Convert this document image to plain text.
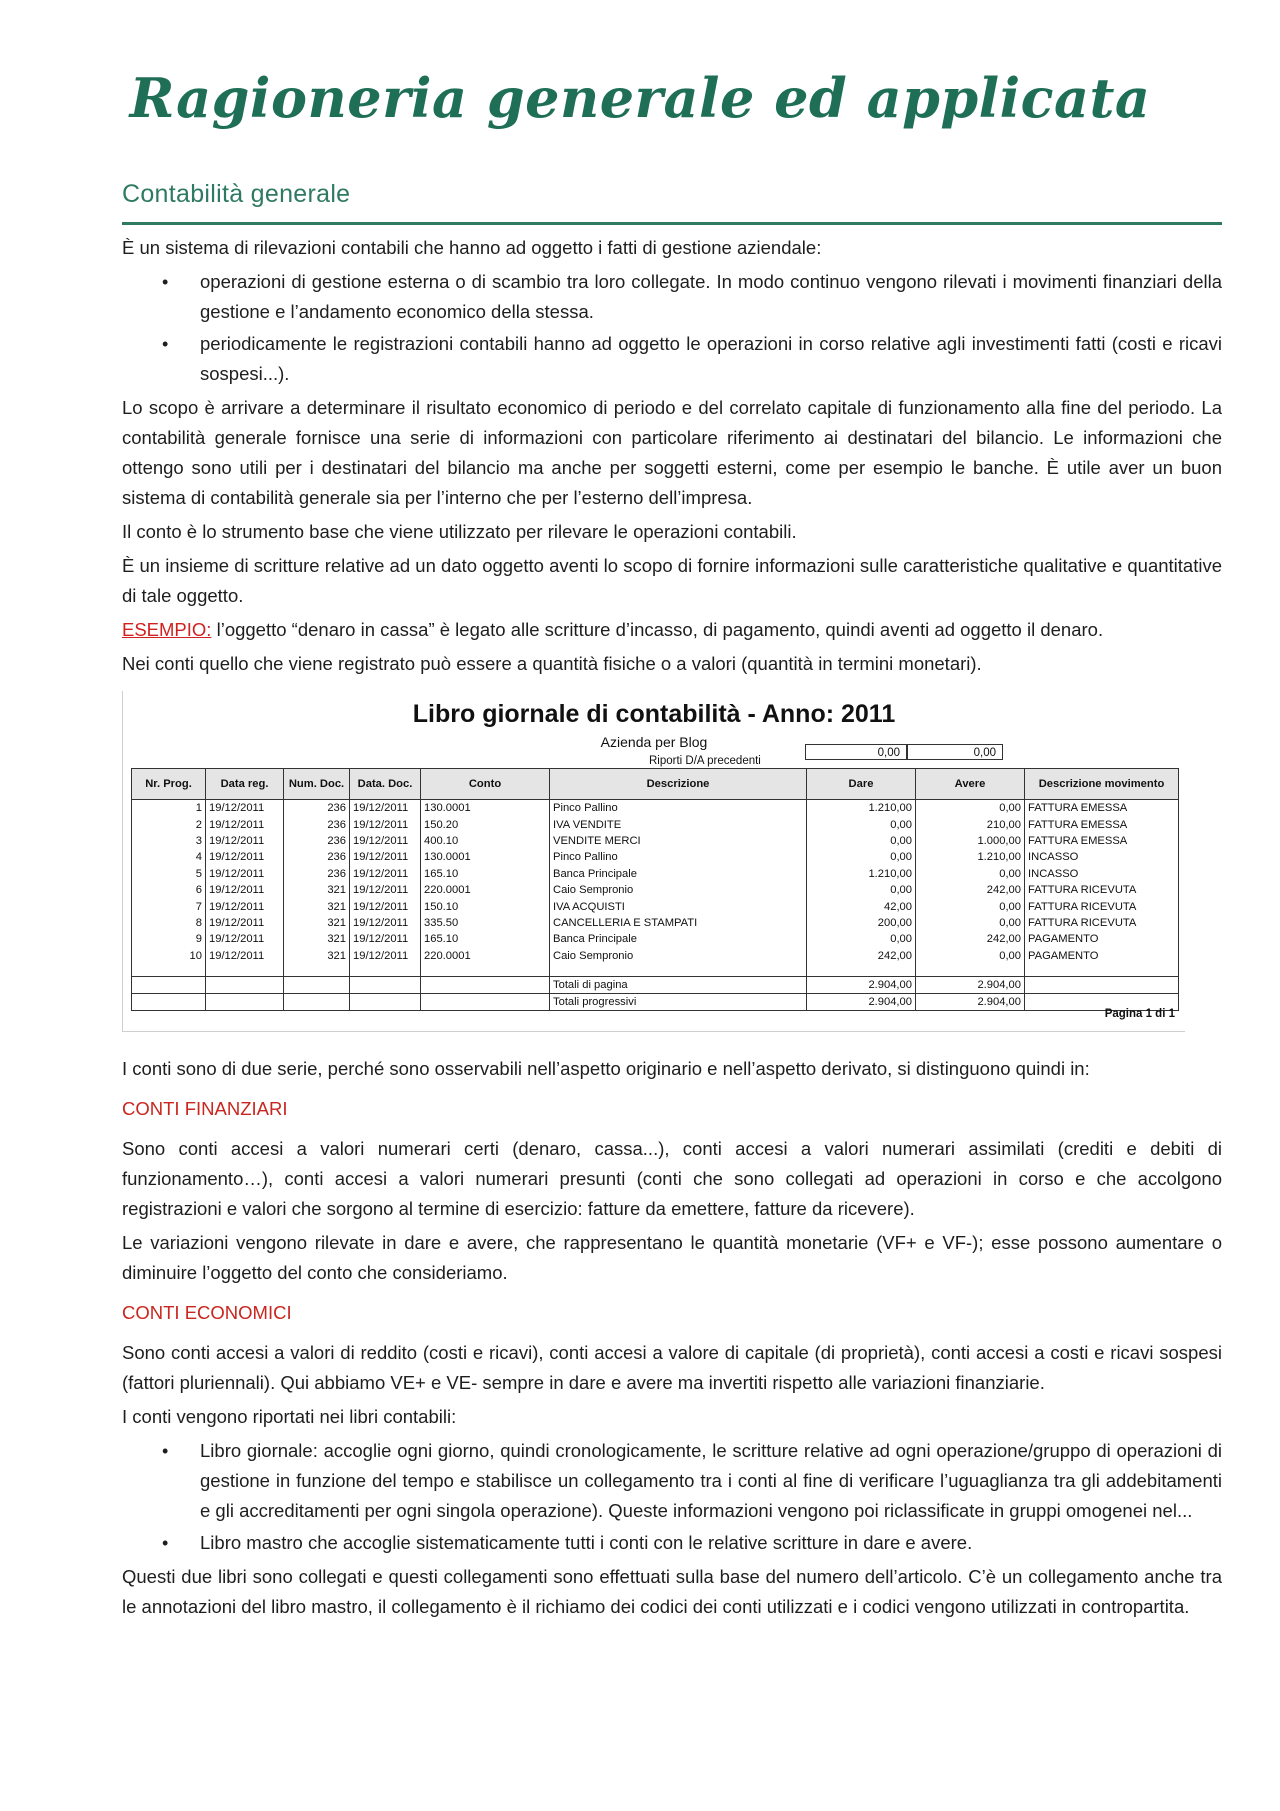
Ragioneria generale ed applicata
Contabilità generale

È un sistema di rilevazioni contabili che hanno ad oggetto i fatti di gestione aziendale:

• operazioni di gestione esterna o di scambio tra loro collegate. In modo continuo vengono rilevati i movimenti finanziari della gestione e l’andamento economico della stessa.
• periodicamente le registrazioni contabili hanno ad oggetto le operazioni in corso relative agli investimenti fatti (costi e ricavi sospesi...).

Lo scopo è arrivare a determinare il risultato economico di periodo e del correlato capitale di funzionamento alla fine del periodo. La contabilità generale fornisce una serie di informazioni con particolare riferimento ai destinatari del bilancio. Le informazioni che ottengo sono utili per i destinatari del bilancio ma anche per soggetti esterni, come per esempio le banche. È utile aver un buon sistema di contabilità generale sia per l’interno che per l’esterno dell’impresa.

Il conto è lo strumento base che viene utilizzato per rilevare le operazioni contabili.

È un insieme di scritture relative ad un dato oggetto aventi lo scopo di fornire informazioni sulle caratteristiche qualitative e quantitative di tale oggetto.

ESEMPIO: l’oggetto “denaro in cassa” è legato alle scritture d’incasso, di pagamento, quindi aventi ad oggetto il denaro.

Nei conti quello che viene registrato può essere a quantità fisiche o a valori (quantità in termini monetari).

Libro giornale di contabilità - Anno: 2011
Azienda per Blog
Riporti D/A precedenti
0,00	0,00
Nr. Prog.	Data reg.	Num. Doc.	Data. Doc.	Conto	Descrizione	Dare	Avere	Descrizione movimento
1	19/12/2011	236	19/12/2011	130.0001	Pinco Pallino	1.210,00	0,00	FATTURA EMESSA
2	19/12/2011	236	19/12/2011	150.20	IVA VENDITE	0,00	210,00	FATTURA EMESSA
3	19/12/2011	236	19/12/2011	400.10	VENDITE MERCI	0,00	1.000,00	FATTURA EMESSA
4	19/12/2011	236	19/12/2011	130.0001	Pinco Pallino	0,00	1.210,00	INCASSO
5	19/12/2011	236	19/12/2011	165.10	Banca Principale	1.210,00	0,00	INCASSO
6	19/12/2011	321	19/12/2011	220.0001	Caio Sempronio	0,00	242,00	FATTURA RICEVUTA
7	19/12/2011	321	19/12/2011	150.10	IVA ACQUISTI	42,00	0,00	FATTURA RICEVUTA
8	19/12/2011	321	19/12/2011	335.50	CANCELLERIA E STAMPATI	200,00	0,00	FATTURA RICEVUTA
9	19/12/2011	321	19/12/2011	165.10	Banca Principale	0,00	242,00	PAGAMENTO
10	19/12/2011	321	19/12/2011	220.0001	Caio Sempronio	242,00	0,00	PAGAMENTO

					Totali di pagina	2.904,00	2.904,00	
					Totali progressivi	2.904,00	2.904,00	
Pagina 1 di 1

I conti sono di due serie, perché sono osservabili nell’aspetto originario e nell’aspetto derivato, si distinguono quindi in:

CONTI FINANZIARI

Sono conti accesi a valori numerari certi (denaro, cassa...), conti accesi a valori numerari assimilati (crediti e debiti di funzionamento…), conti accesi a valori numerari presunti (conti che sono collegati ad operazioni in corso e che accolgono registrazioni e valori che sorgono al termine di esercizio: fatture da emettere, fatture da ricevere).

Le variazioni vengono rilevate in dare e avere, che rappresentano le quantità monetarie (VF+ e VF-); esse possono aumentare o diminuire l’oggetto del conto che consideriamo.

CONTI ECONOMICI

Sono conti accesi a valori di reddito (costi e ricavi), conti accesi a valore di capitale (di proprietà), conti accesi a costi e ricavi sospesi (fattori pluriennali). Qui abbiamo VE+ e VE- sempre in dare e avere ma invertiti rispetto alle variazioni finanziarie.

I conti vengono riportati nei libri contabili:

• Libro giornale: accoglie ogni giorno, quindi cronologicamente, le scritture relative ad ogni operazione/gruppo di operazioni di gestione in funzione del tempo e stabilisce un collegamento tra i conti al fine di verificare l’uguaglianza tra gli addebitamenti e gli accreditamenti per ogni singola operazione). Queste informazioni vengono poi riclassificate in gruppi omogenei nel...
• Libro mastro che accoglie sistematicamente tutti i conti con le relative scritture in dare e avere.

Questi due libri sono collegati e questi collegamenti sono effettuati sulla base del numero dell’articolo. C’è un collegamento anche tra le annotazioni del libro mastro, il collegamento è il richiamo dei codici dei conti utilizzati e i codici vengono utilizzati in contropartita.
